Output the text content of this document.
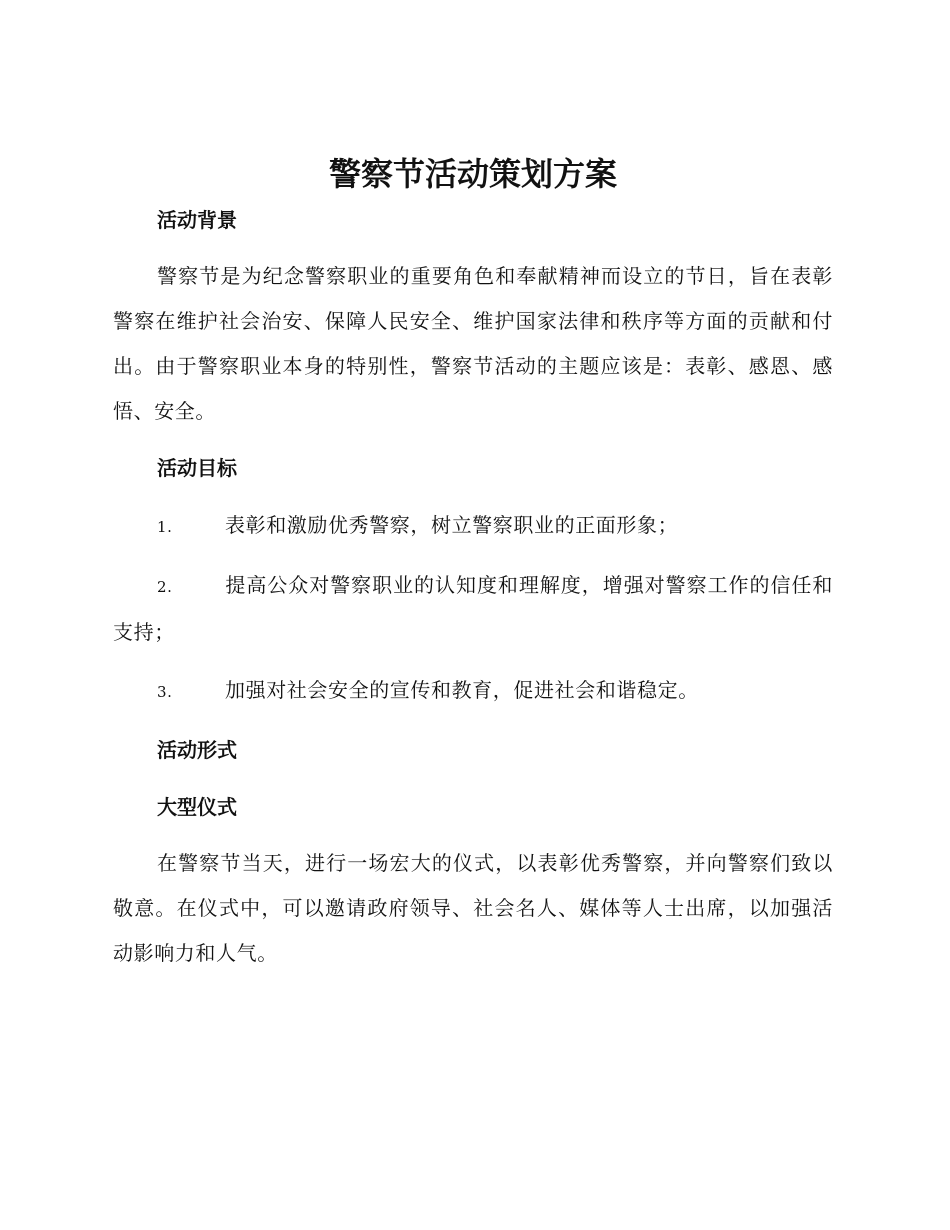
警察节活动策划方案
活动背景

警察节是为纪念警察职业的重要角色和奉献精神而设立的节日，旨在表彰警察在维护社会治安、保障人民安全、维护国家法律和秩序等方面的贡献和付出。由于警察职业本身的特别性，警察节活动的主题应该是：表彰、感恩、感悟、安全。

活动目标

1.	表彰和激励优秀警察，树立警察职业的正面形象；

2.	提高公众对警察职业的认知度和理解度，增强对警察工作的信任和支持；

3.	加强对社会安全的宣传和教育，促进社会和谐稳定。

活动形式
大型仪式

在警察节当天，进行一场宏大的仪式，以表彰优秀警察，并向警察们致以敬意。在仪式中，可以邀请政府领导、社会名人、媒体等人士出席，以加强活动影响力和人气。
